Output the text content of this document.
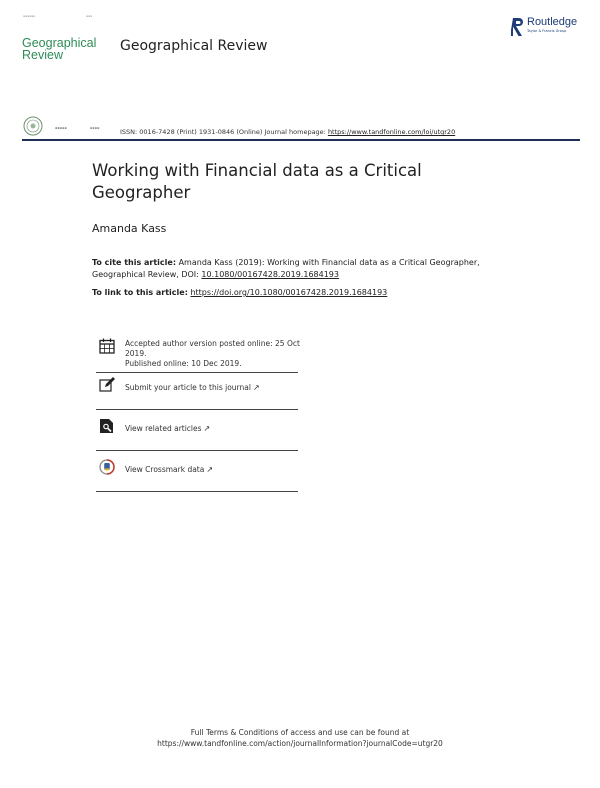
▪▪▪▪▪▪	▪▪▪
Geographical
Review
Geographical Review
Routledge
Taylor & Francis Group
▪▪▪▪▪	▪▪▪▪	ISSN: 0016-7428 (Print) 1931-0846 (Online) Journal homepage: https://www.tandfonline.com/loi/utgr20
Working with Financial data as a Critical Geographer
Amanda Kass
To cite this article: Amanda Kass (2019): Working with Financial data as a Critical Geographer, Geographical Review, DOI: 10.1080/00167428.2019.1684193
To link to this article: https://doi.org/10.1080/00167428.2019.1684193
Accepted author version posted online: 25 Oct 2019.
Published online: 10 Dec 2019.
Submit your article to this journal ↗
View related articles ↗
View Crossmark data ↗
Full Terms & Conditions of access and use can be found at
https://www.tandfonline.com/action/journalInformation?journalCode=utgr20
